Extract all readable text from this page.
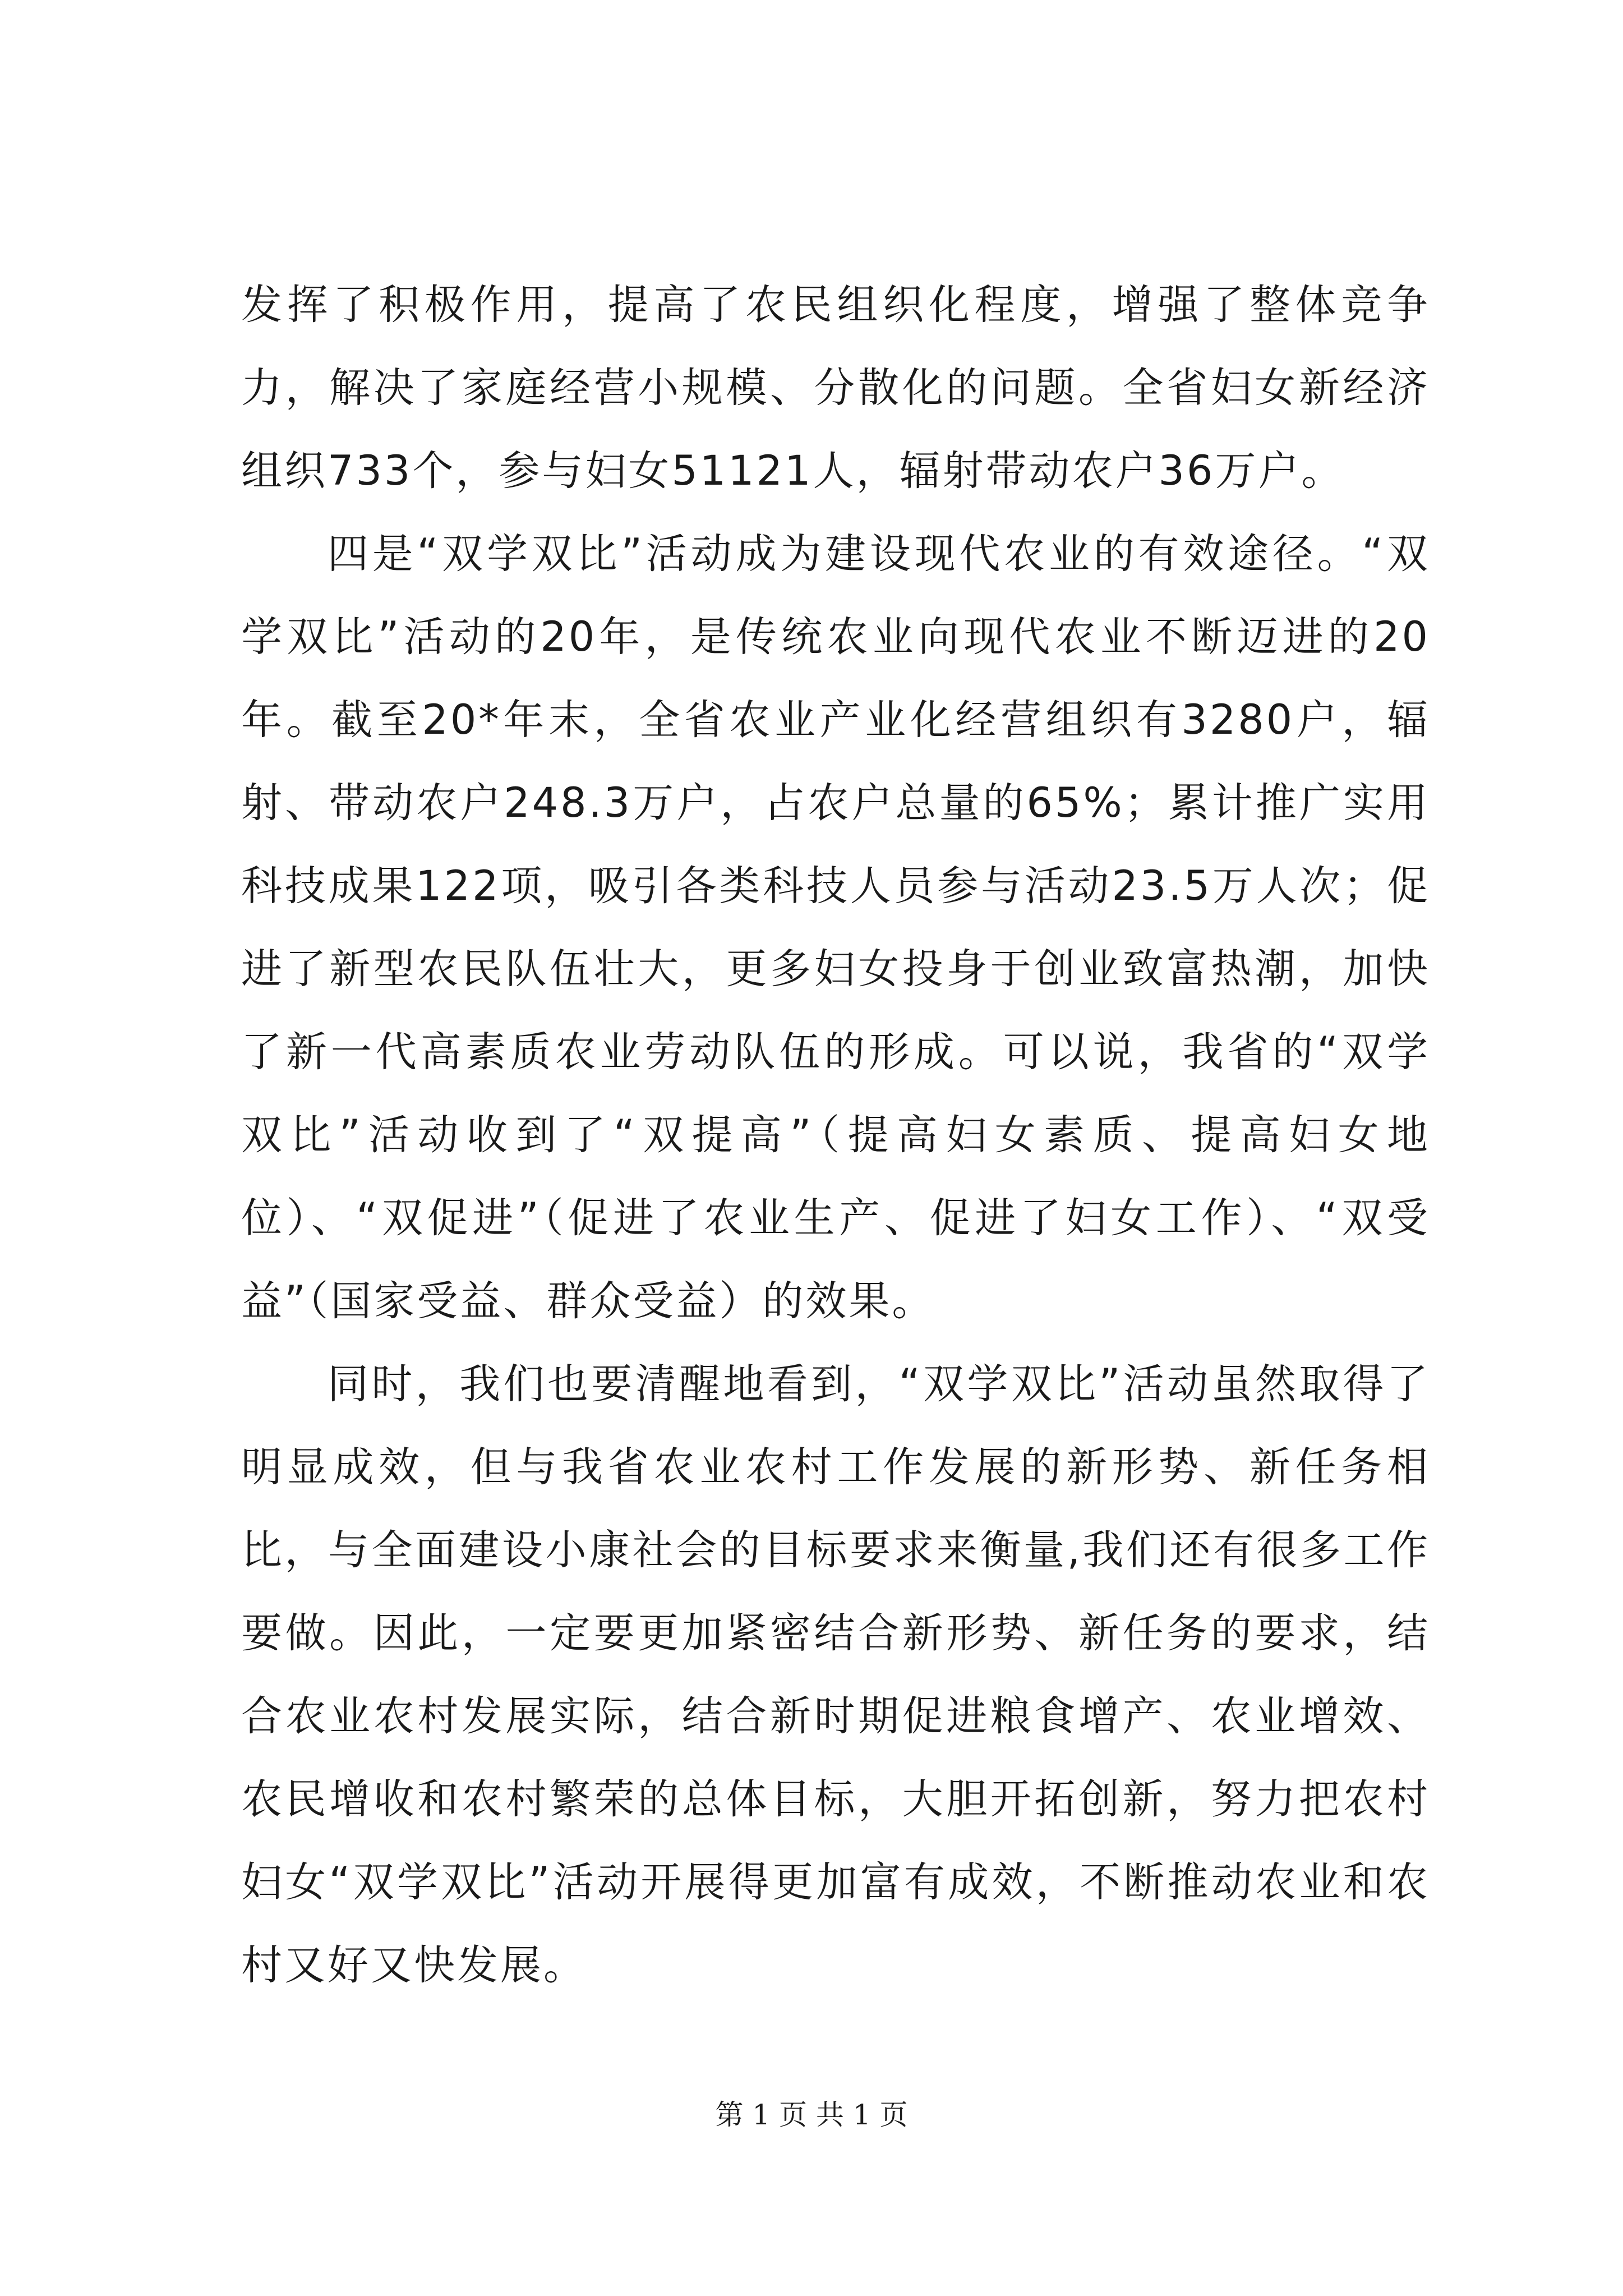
发挥了积极作用，提高了农民组织化程度，增强了整体竞争力，解决了家庭经营小规模、分散化的问题。全省妇女新经济组织733个，参与妇女51121人，辐射带动农户36万户。

四是“双学双比”活动成为建设现代农业的有效途径。“双学双比”活动的20年，是传统农业向现代农业不断迈进的20年。截至20*年末，全省农业产业化经营组织有3280户，辐射、带动农户248.3万户，占农户总量的65%；累计推广实用科技成果122项，吸引各类科技人员参与活动23.5万人次；促进了新型农民队伍壮大，更多妇女投身于创业致富热潮，加快了新一代高素质农业劳动队伍的形成。可以说，我省的“双学双比”活动收到了“双提高”（提高妇女素质、提高妇女地位）、“双促进”（促进了农业生产、促进了妇女工作）、“双受益”（国家受益、群众受益）的效果。

同时，我们也要清醒地看到，“双学双比”活动虽然取得了明显成效，但与我省农业农村工作发展的新形势、新任务相比，与全面建设小康社会的目标要求来衡量,我们还有很多工作要做。因此，一定要更加紧密结合新形势、新任务的要求，结合农业农村发展实际，结合新时期促进粮食增产、农业增效、农民增收和农村繁荣的总体目标，大胆开拓创新，努力把农村妇女“双学双比”活动开展得更加富有成效，不断推动农业和农村又好又快发展。

第 1 页 共 1 页
